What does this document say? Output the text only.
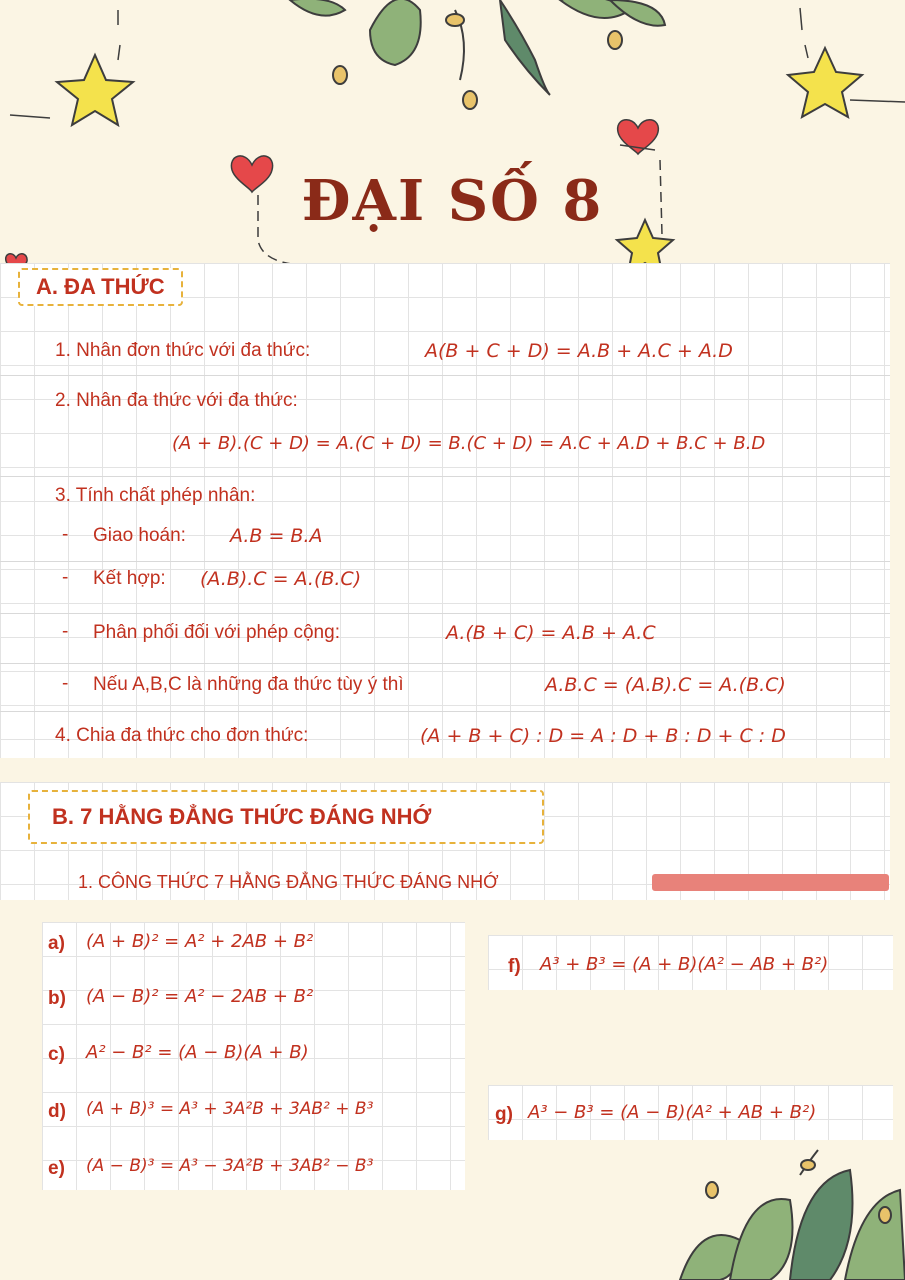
ĐẠI SỐ 8
A. ĐA THỨC
1. Nhân đơn thức với đa thức:	A(B + C + D) = A.B + A.C + A.D
2. Nhân đa thức với đa thức:
(A + B).(C + D) = A.(C + D) = B.(C + D) = A.C + A.D + B.C + B.D
3. Tính chất phép nhân:
- Giao hoán: A.B = B.A
- Kết hợp: (A.B).C = A.(B.C)
- Phân phối đối với phép cộng:	A.(B + C) = A.B + A.C
- Nếu A,B,C là những đa thức tùy ý thì	A.B.C = (A.B).C = A.(B.C)
4. Chia đa thức cho đơn thức:	(A + B + C) : D = A : D + B : D + C : D
B. 7 HẰNG ĐẲNG THỨC ĐÁNG NHỚ
1. CÔNG THỨC 7 HẰNG ĐẲNG THỨC ĐÁNG NHỚ
a) (A + B)² = A² + 2AB + B²
b) (A − B)² = A² − 2AB + B²
c) A² − B² = (A − B)(A + B)
d) (A + B)³ = A³ + 3A²B + 3AB² + B³
e) (A − B)³ = A³ − 3A²B + 3AB² − B³
f) A³ + B³ = (A + B)(A² − AB + B²)
g) A³ − B³ = (A − B)(A² + AB + B²)
